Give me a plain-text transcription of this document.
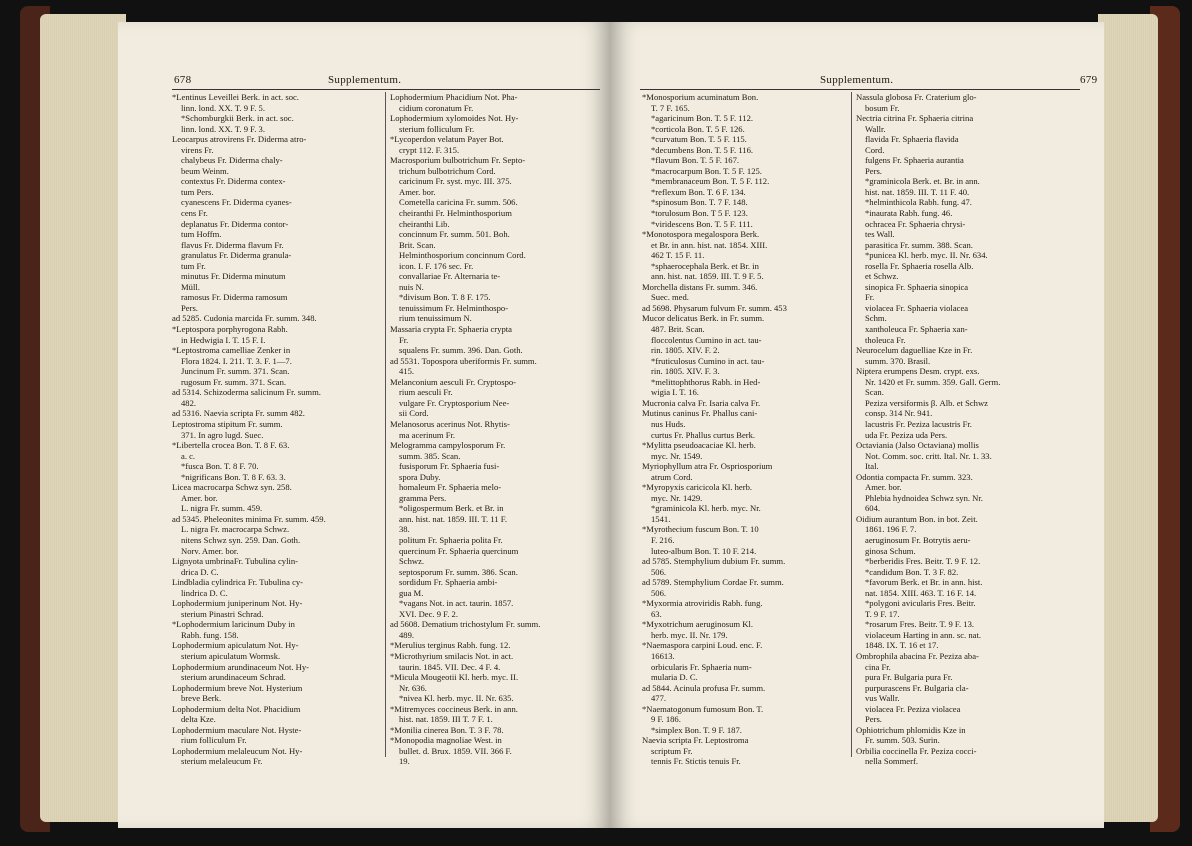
678	Supplementum.
*Lentinus Leveillei Berk. in act. soc.
linn. lond. XX. T. 9 F. 5.
*Schomburgkii Berk. in act. soc.
linn. lond. XX. T. 9 F. 3.
Leocarpus atrovirens Fr. Diderma atro-
virens Fr.
chalybeus Fr. Diderma chaly-
beum Weinm.
contextus Fr. Diderma contex-
tum Pers.
cyanescens Fr. Diderma cyanes-
cens Fr.
deplanatus Fr. Diderma contor-
tum Hoffm.
flavus Fr. Diderma flavum Fr.
granulatus Fr. Diderma granula-
tum Fr.
minutus Fr. Diderma minutum
Müll.
ramosus Fr. Diderma ramosum
Pers.
ad 5285. Cudonia marcida Fr. summ. 348.
*Leptospora porphyrogona Rabh.
in Hedwigia I. T. 15 F. I.
*Leptostroma camelliae Zenker in
Flora 1824. I. 211. T. 3. F. 1—7.
Juncinum Fr. summ. 371. Scan.
rugosum Fr. summ. 371. Scan.
ad 5314. Schizoderma salicinum Fr. summ.
482.
ad 5316. Naevia scripta Fr. summ 482.
Leptostroma stipitum Fr. summ.
371. In agro lugd. Suec.
*Libertella crocea Bon. T. 8 F. 63.
a. c.
*fusca Bon. T. 8 F. 70.
*nigrificans Bon. T. 8 F. 63. 3.
Licea macrocarpa Schwz syn. 258.
Amer. bor.
L. nigra Fr. summ. 459.
ad 5345. Pheleonites minima Fr. summ. 459.
L. nigra Fr. macrocarpa Schwz.
nitens Schwz syn. 259. Dan. Goth.
Norv. Amer. bor.
Lignyota umbrinaFr. Tubulina cylin-
drica D. C.
Lindbladia cylindrica Fr. Tubulina cy-
lindrica D. C.
Lophodermium juniperinum Not. Hy-
sterium Pinastri Schrad.
*Lophodermium laricinum Duby in
Rabh. fung. 158.
Lophodermium apiculatum Not. Hy-
sterium apiculatum Wormsk.
Lophodermium arundinaceum Not. Hy-
sterium arundinaceum Schrad.
Lophodermium breve Not. Hysterium
breve Berk.
Lophodermium delta Not. Phacidium
delta Kze.
Lophodermium maculare Not. Hyste-
rium folliculum Fr.
Lophodermium melaleucum Not. Hy-
sterium melaleucum Fr.
Lophodermium Phacidium Not. Pha-
cidium coronatum Fr.
Lophodermium xylomoides Not. Hy-
sterium folliculum Fr.
*Lycoperdon velatum Payer Bot.
crypt 112. F. 315.
Macrosporium bulbotrichum Fr. Septo-
trichum bulbotrichum Cord.
caricinum Fr. syst. myc. III. 375.
Amer. bor.
Cometella caricina Fr. summ. 506.
cheiranthi Fr. Helminthosporium
cheiranthi Lib.
concinnum Fr. summ. 501. Boh.
Brit. Scan.
Helminthosporium concinnum Cord.
icon. I. F. 176 sec. Fr.
convallariae Fr. Alternaria te-
nuis N.
*divisum Bon. T. 8 F. 175.
tenuissimum Fr. Helminthospo-
rium tenuissimum N.
Massaria crypta Fr. Sphaeria crypta
Fr.
squalens Fr. summ. 396. Dan. Goth.
ad 5531. Topospora uberiformis Fr. summ.
415.
Melanconium aesculi Fr. Cryptospo-
rium aesculi Fr.
vulgare Fr. Cryptosporium Nee-
sii Cord.
Melanosorus acerinus Not. Rhytis-
ma acerinum Fr.
Melogramma campylosporum Fr.
summ. 385. Scan.
fusisporum Fr. Sphaeria fusi-
spora Duby.
homaleum Fr. Sphaeria melo-
gramma Pers.
*oligospermum Berk. et Br. in
ann. hist. nat. 1859. III. T. 11 F.
38.
politum Fr. Sphaeria polita Fr.
quercinum Fr. Sphaeria quercinum
Schwz.
septosporum Fr. summ. 386. Scan.
sordidum Fr. Sphaeria ambi-
gua M.
*vagans Not. in act. taurin. 1857.
XVI. Dec. 9 F. 2.
ad 5608. Dematium trichostylum Fr. summ.
489.
*Merulius terginus Rabh. fung. 12.
*Microthyrium smilacis Not. in act.
taurin. 1845. VII. Dec. 4 F. 4.
*Micula Mougeotii Kl. herb. myc. II.
Nr. 636.
*nivea Kl. herb. myc. II. Nr. 635.
*Mitremyces coccineus Berk. in ann.
hist. nat. 1859. III T. 7 F. 1.
*Monilia cinerea Bon. T. 3 F. 78.
*Monopodia magnoliae West. in
bullet. d. Brux. 1859. VII. 366 F.
19.
Supplementum.	679
*Monosporium acuminatum Bon.
T. 7 F. 165.
*agaricinum Bon. T. 5 F. 112.
*corticola Bon. T. 5 F. 126.
*curvatum Bon. T. 5 F. 115.
*decumbens Bon. T. 5 F. 116.
*flavum Bon. T. 5 F. 167.
*macrocarpum Bon. T. 5 F. 125.
*membranaceum Bon. T. 5 F. 112.
*reflexum Bon. T. 6 F. 134.
*spinosum Bon. T. 7 F. 148.
*torulosum Bon. T 5 F. 123.
*viridescens Bon. T. 5 F. 111.
*Monotospora megalospora Berk.
et Br. in ann. hist. nat. 1854. XIII.
462 T. 15 F. 11.
*sphaerocephala Berk. et Br. in
ann. hist. nat. 1859. III. T. 9 F. 5.
Morchella distans Fr. summ. 346.
Suec. med.
ad 5698. Physarum fulvum Fr. summ. 453
Mucor delicatus Berk. in Fr. summ.
487. Brit. Scan.
floccolentus Cumino in act. tau-
rin. 1805. XIV. F. 2.
*fruticulosus Cumino in act. tau-
rin. 1805. XIV. F. 3.
*melittophthorus Rabh. in Hed-
wigia I. T. 16.
Mucronia calva Fr. Isaria calva Fr.
Mutinus caninus Fr. Phallus cani-
nus Huds.
curtus Fr. Phallus curtus Berk.
*Mylitta pseudoacaciae Kl. herb.
myc. Nr. 1549.
Myriophyllum atra Fr. Ospriosporium
atrum Cord.
*Myropyxis caricicola Kl. herb.
myc. Nr. 1429.
*graminicola Kl. herb. myc. Nr.
1541.
*Myrothecium fuscum Bon. T. 10
F. 216.
luteo-album Bon. T. 10 F. 214.
ad 5785. Stemphylium dubium Fr. summ.
506.
ad 5789. Stemphylium Cordae Fr. summ.
506.
*Myxormia atroviridis Rabh. fung.
63.
*Myxotrichum aeruginosum Kl.
herb. myc. II. Nr. 179.
*Naemaspora carpini Loud. enc. F.
16613.
orbicularis Fr. Sphaeria num-
mularia D. C.
ad 5844. Acinula profusa Fr. summ.
477.
*Naematogonum fumosum Bon. T.
9 F. 186.
*simplex Bon. T. 9 F. 187.
Naevia scripta Fr. Leptostroma
scriptum Fr.
tennis Fr. Stictis tenuis Fr.
Nassula globosa Fr. Craterium glo-
bosum Fr.
Nectria citrina Fr. Sphaeria citrina
Wallr.
flavida Fr. Sphaeria flavida
Cord.
fulgens Fr. Sphaeria aurantia
Pers.
*graminicola Berk. et. Br. in ann.
hist. nat. 1859. III. T. 11 F. 40.
*helminthicola Rabh. fung. 47.
*inaurata Rabh. fung. 46.
ochracea Fr. Sphaeria chrysi-
tes Wall.
parasitica Fr. summ. 388. Scan.
*punicea Kl. herb. myc. II. Nr. 634.
rosella Fr. Sphaeria rosella Alb.
et Schwz.
sinopica Fr. Sphaeria sinopica
Fr.
violacea Fr. Sphaeria violacea
Schm.
xantholeuca Fr. Sphaeria xan-
tholeuca Fr.
Neurocelum daguelliae Kze in Fr.
summ. 370. Brasil.
Niptera erumpens Desm. crypt. exs.
Nr. 1420 et Fr. summ. 359. Gall. Germ.
Scan.
Peziza versiformis β. Alb. et Schwz
consp. 314 Nr. 941.
lacustris Fr. Peziza lacustris Fr.
uda Fr. Peziza uda Pers.
Octaviania (Jalso Octaviana) mollis
Not. Comm. soc. critt. Ital. Nr. 1. 33.
Ital.
Odontia compacta Fr. summ. 323.
Amer. bor.
Phlebia hydnoidea Schwz syn. Nr.
604.
Oidium aurantum Bon. in bot. Zeit.
1861. 196 F. 7.
aeruginosum Fr. Botrytis aeru-
ginosa Schum.
*berberidis Fres. Beitr. T. 9 F. 12.
*candidum Bon. T. 3 F. 82.
*favorum Berk. et Br. in ann. hist.
nat. 1854. XIII. 463. T. 16 F. 14.
*polygoni avicularis Fres. Beitr.
T. 9 F. 17.
*rosarum Fres. Beitr. T. 9 F. 13.
violaceum Harting in ann. sc. nat.
1848. IX. T. 16 et 17.
Ombrophila abacina Fr. Peziza aba-
cina Fr.
pura Fr. Bulgaria pura Fr.
purpurascens Fr. Bulgaria cla-
vus Wallr.
violacea Fr. Peziza violacea
Pers.
Ophiotrichum phlomidis Kze in
Fr. summ. 503. Surin.
Orbilia coccinella Fr. Peziza cocci-
nella Sommerf.
